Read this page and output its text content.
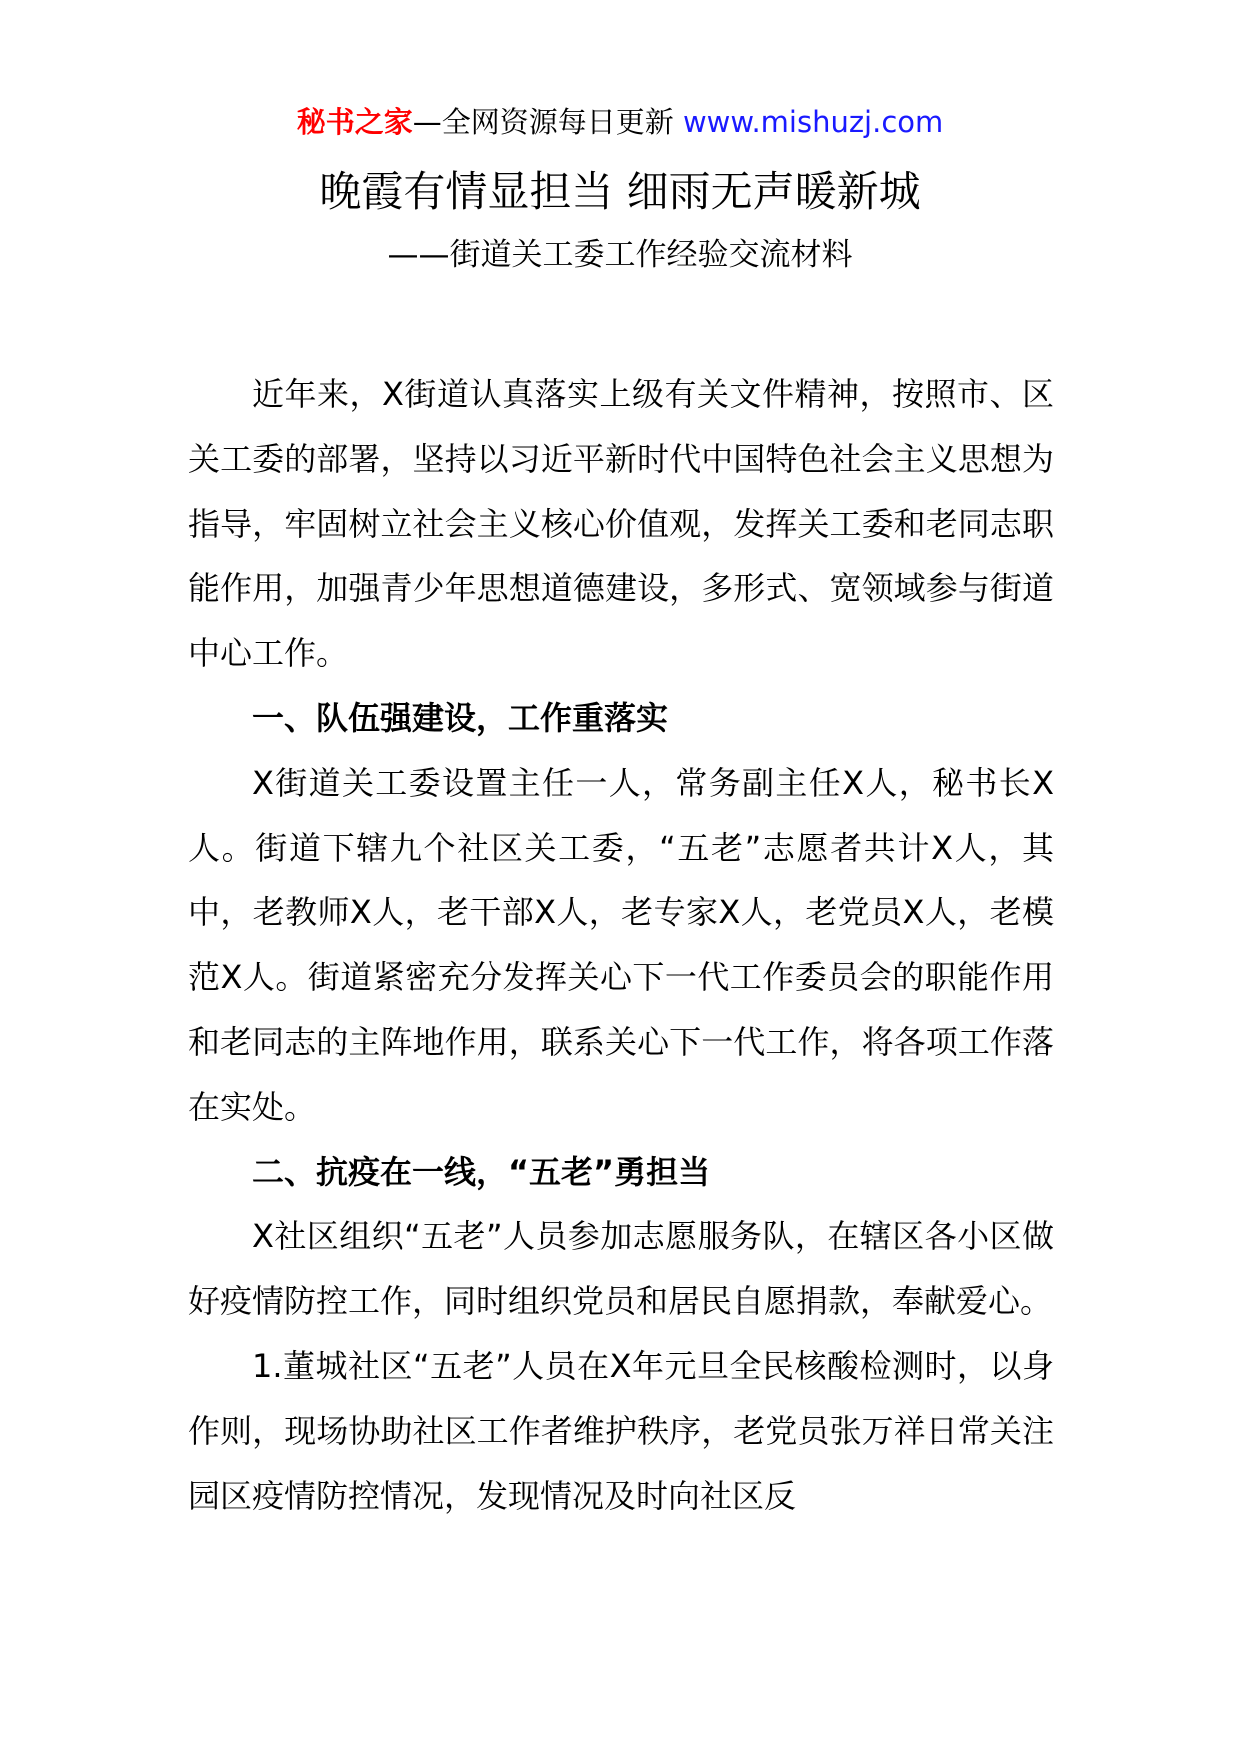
秘书之家—全网资源每日更新 www.mishuzj.com
晚霞有情显担当 细雨无声暖新城
——街道关工委工作经验交流材料

近年来，X街道认真落实上级有关文件精神，按照市、区关工委的部署，坚持以习近平新时代中国特色社会主义思想为指导，牢固树立社会主义核心价值观，发挥关工委和老同志职能作用，加强青少年思想道德建设，多形式、宽领域参与街道中心工作。

一、队伍强建设，工作重落实

X街道关工委设置主任一人，常务副主任X人，秘书长X人。街道下辖九个社区关工委，“五老”志愿者共计X人，其中，老教师X人，老干部X人，老专家X人，老党员X人，老模范X人。街道紧密充分发挥关心下一代工作委员会的职能作用和老同志的主阵地作用，联系关心下一代工作，将各项工作落在实处。

二、抗疫在一线，“五老”勇担当

X社区组织“五老”人员参加志愿服务队，在辖区各小区做好疫情防控工作，同时组织党员和居民自愿捐款，奉献爱心。

1.董城社区“五老”人员在X年元旦全民核酸检测时，以身作则，现场协助社区工作者维护秩序，老党员张万祥日常关注园区疫情防控情况，发现情况及时向社区反
